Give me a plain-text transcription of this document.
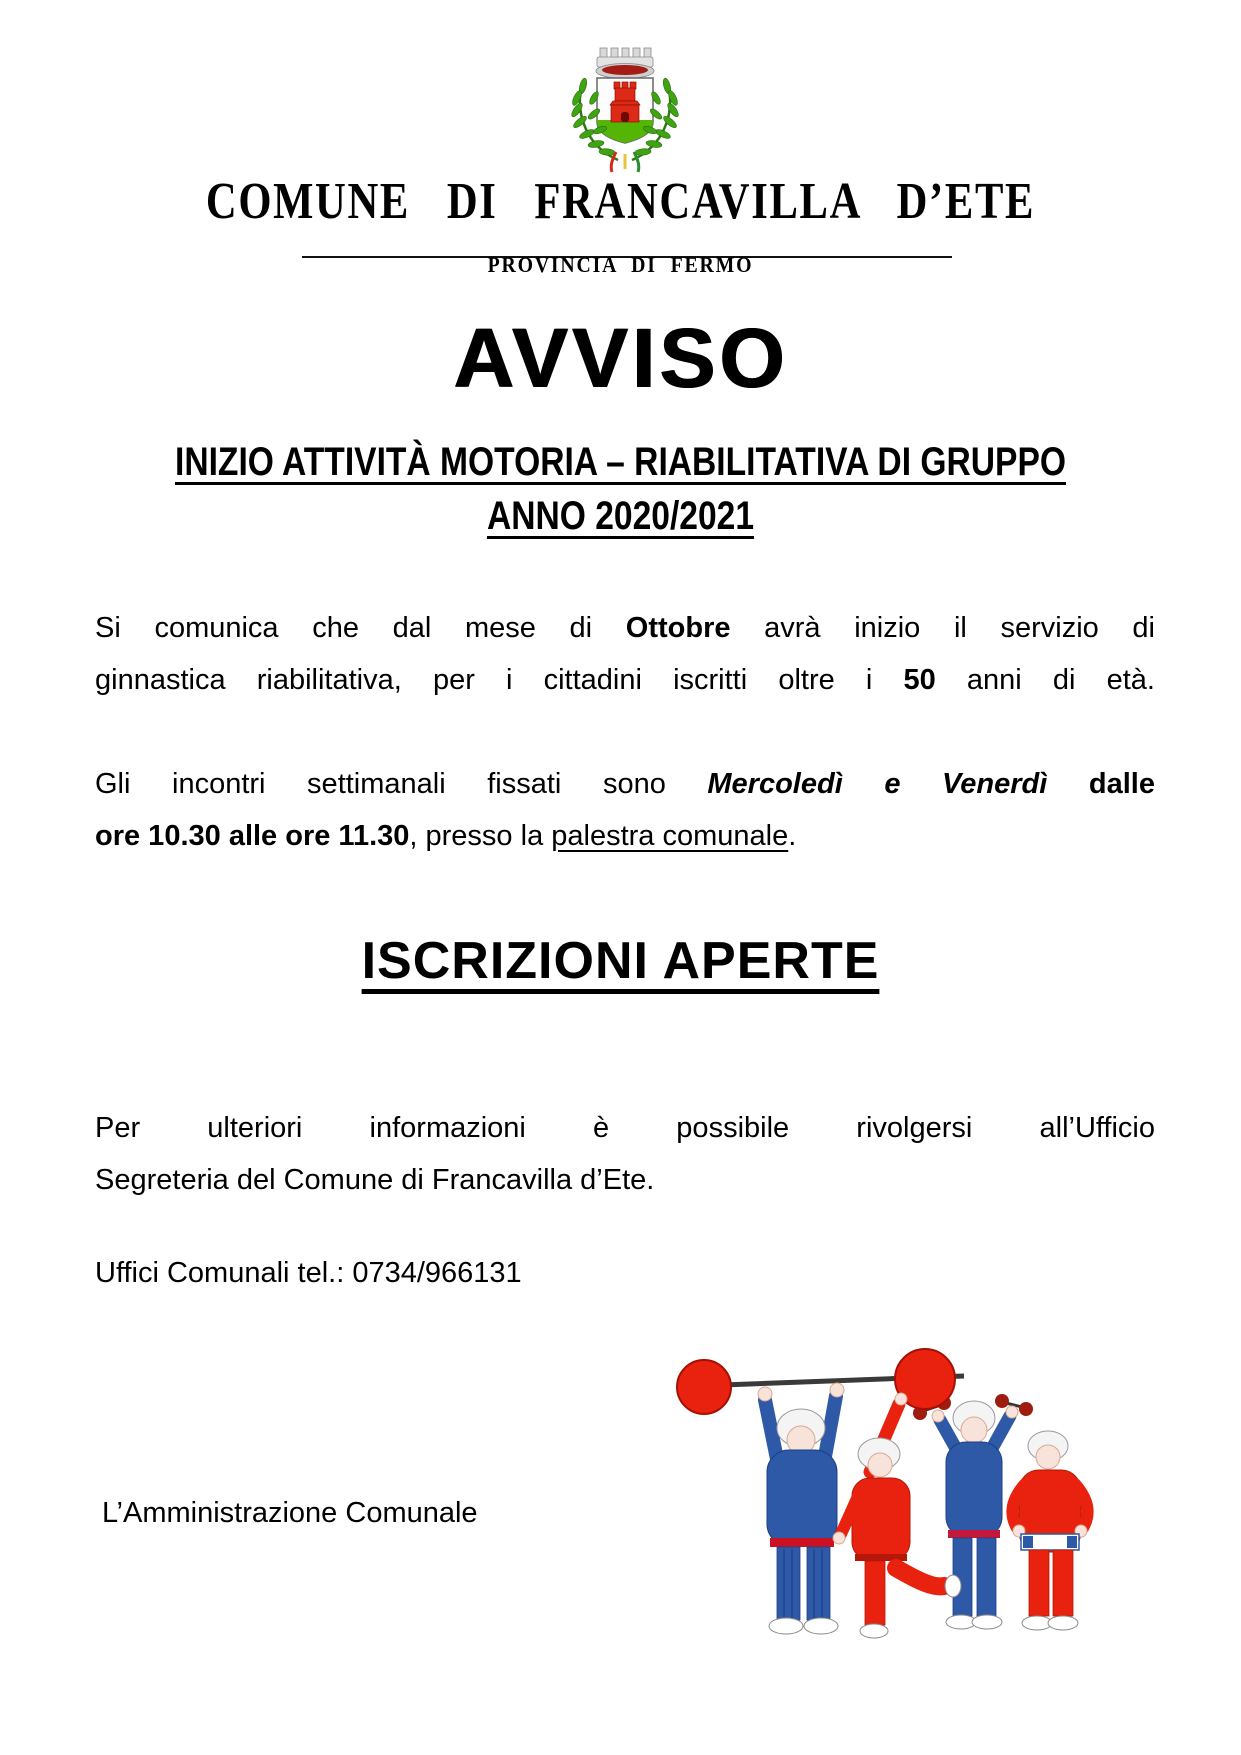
COMUNE DI FRANCAVILLA D’ETE
PROVINCIA DI FERMO
AVVISO
INIZIO ATTIVITÀ MOTORIA – RIABILITATIVA DI GRUPPO
ANNO 2020/2021
Si comunica che dal mese di Ottobre avrà inizio il servizio di
ginnastica riabilitativa, per i cittadini iscritti oltre i 50 anni di età.
Gli incontri settimanali fissati sono Mercoledì e Venerdì dalle
ore 10.30 alle ore 11.30, presso la palestra comunale.
ISCRIZIONI APERTE
Per ulteriori informazioni è possibile rivolgersi all’Ufficio
Segreteria del Comune di Francavilla d’Ete.
Uffici Comunali tel.: 0734/966131
L’Amministrazione Comunale
